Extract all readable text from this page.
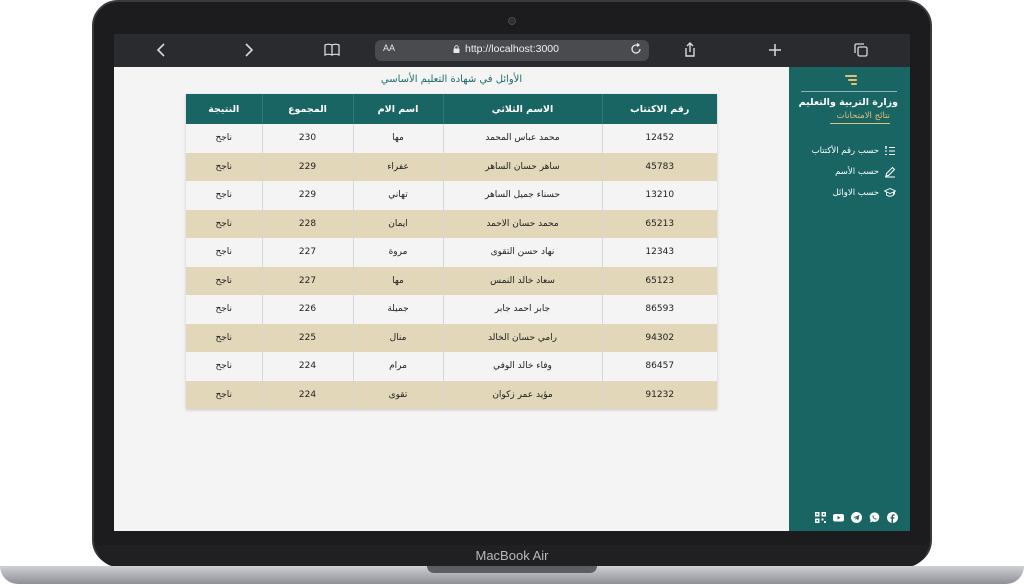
AA	http://localhost:3000
الأوائل في شهادة التعليم الأساسي
رقم الاكتتاب	الاسم الثلاثي	اسم الام	المجموع	النتيجة
12452	محمد عباس المحمد	مها	230	ناجح
45783	ساهر حسان الساهر	عفراء	229	ناجح
13210	حسناء جميل الساهر	تهاني	229	ناجح
65213	محمد حسان الاحمد	ايمان	228	ناجح
12343	نهاد حسن التقوى	مروة	227	ناجح
65123	سعاد خالد النمس	مها	227	ناجح
86593	جابر احمد جابر	جميلة	226	ناجح
94302	رامي حسان الخالد	منال	225	ناجح
86457	وفاء خالد الوفي	مرام	224	ناجح
91232	مؤيد عمر زكوان	تقوى	224	ناجح
وزارة التربية والتعليم
نتائج الامتحانات
حسب رقم الأكتتاب
حسب الأسم
حسب الاوائل
MacBook Air
